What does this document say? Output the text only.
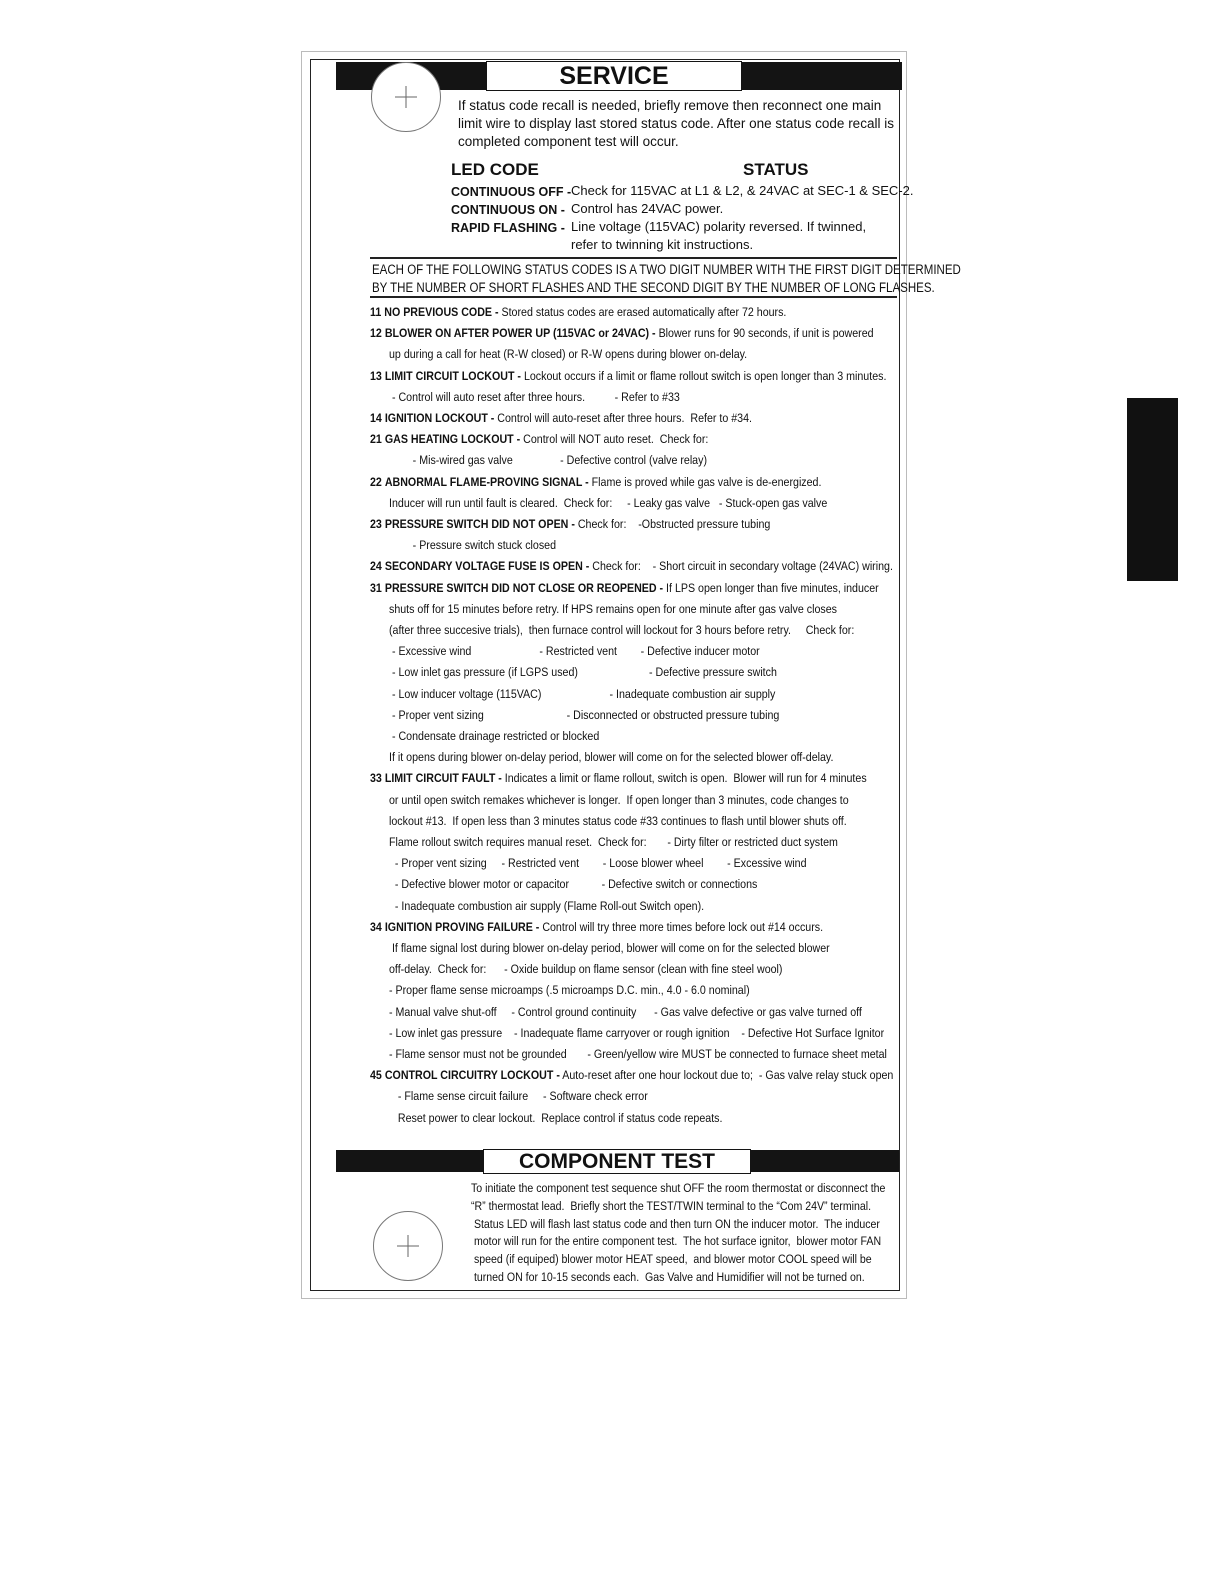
SERVICE
If status code recall is needed, briefly remove then reconnect one main
limit wire to display last stored status code. After one status code recall is
completed component test will occur.
LED CODE	STATUS
CONTINUOUS OFF - Check for 115VAC at L1 & L2, & 24VAC at SEC-1 & SEC-2.
CONTINUOUS ON - Control has 24VAC power.
RAPID FLASHING - Line voltage (115VAC) polarity reversed. If twinned,
refer to twinning kit instructions.
EACH OF THE FOLLOWING STATUS CODES IS A TWO DIGIT NUMBER WITH THE FIRST DIGIT DETERMINED
BY THE NUMBER OF SHORT FLASHES AND THE SECOND DIGIT BY THE NUMBER OF LONG FLASHES.
11 NO PREVIOUS CODE - Stored status codes are erased automatically after 72 hours.
12 BLOWER ON AFTER POWER UP (115VAC or 24VAC) - Blower runs for 90 seconds, if unit is powered
up during a call for heat (R-W closed) or R-W opens during blower on-delay.
13 LIMIT CIRCUIT LOCKOUT - Lockout occurs if a limit or flame rollout switch is open longer than 3 minutes.
- Control will auto reset after three hours.          - Refer to #33
14 IGNITION LOCKOUT - Control will auto-reset after three hours.  Refer to #34.
21 GAS HEATING LOCKOUT - Control will NOT auto reset.  Check for:
- Mis-wired gas valve                - Defective control (valve relay)
22 ABNORMAL FLAME-PROVING SIGNAL - Flame is proved while gas valve is de-energized.
Inducer will run until fault is cleared.  Check for:     - Leaky gas valve   - Stuck-open gas valve
23 PRESSURE SWITCH DID NOT OPEN - Check for:    -Obstructed pressure tubing
- Pressure switch stuck closed
24 SECONDARY VOLTAGE FUSE IS OPEN - Check for:    - Short circuit in secondary voltage (24VAC) wiring.
31 PRESSURE SWITCH DID NOT CLOSE OR REOPENED - If LPS open longer than five minutes, inducer
shuts off for 15 minutes before retry. If HPS remains open for one minute after gas valve closes
(after three succesive trials),  then furnace control will lockout for 3 hours before retry.     Check for:
- Excessive wind                       - Restricted vent        - Defective inducer motor
- Low inlet gas pressure (if LGPS used)                        - Defective pressure switch
- Low inducer voltage (115VAC)                       - Inadequate combustion air supply
- Proper vent sizing                            - Disconnected or obstructed pressure tubing
- Condensate drainage restricted or blocked
If it opens during blower on-delay period, blower will come on for the selected blower off-delay.
33 LIMIT CIRCUIT FAULT - Indicates a limit or flame rollout, switch is open.  Blower will run for 4 minutes
or until open switch remakes whichever is longer.  If open longer than 3 minutes, code changes to
lockout #13.  If open less than 3 minutes status code #33 continues to flash until blower shuts off.
Flame rollout switch requires manual reset.  Check for:       - Dirty filter or restricted duct system
- Proper vent sizing     - Restricted vent        - Loose blower wheel        - Excessive wind
- Defective blower motor or capacitor           - Defective switch or connections
- Inadequate combustion air supply (Flame Roll-out Switch open).
34 IGNITION PROVING FAILURE - Control will try three more times before lock out #14 occurs.
If flame signal lost during blower on-delay period, blower will come on for the selected blower
off-delay.  Check for:      - Oxide buildup on flame sensor (clean with fine steel wool)
- Proper flame sense microamps (.5 microamps D.C. min., 4.0 - 6.0 nominal)
- Manual valve shut-off     - Control ground continuity      - Gas valve defective or gas valve turned off
- Low inlet gas pressure    - Inadequate flame carryover or rough ignition    - Defective Hot Surface Ignitor
- Flame sensor must not be grounded       - Green/yellow wire MUST be connected to furnace sheet metal
45 CONTROL CIRCUITRY LOCKOUT - Auto-reset after one hour lockout due to;  - Gas valve relay stuck open
- Flame sense circuit failure     - Software check error
Reset power to clear lockout.  Replace control if status code repeats.
COMPONENT TEST
To initiate the component test sequence shut OFF the room thermostat or disconnect the
“R” thermostat lead.  Briefly short the TEST/TWIN terminal to the “Com 24V” terminal.
Status LED will flash last status code and then turn ON the inducer motor.  The inducer
motor will run for the entire component test.  The hot surface ignitor,  blower motor FAN
speed (if equiped) blower motor HEAT speed,  and blower motor COOL speed will be
turned ON for 10-15 seconds each.  Gas Valve and Humidifier will not be turned on.
